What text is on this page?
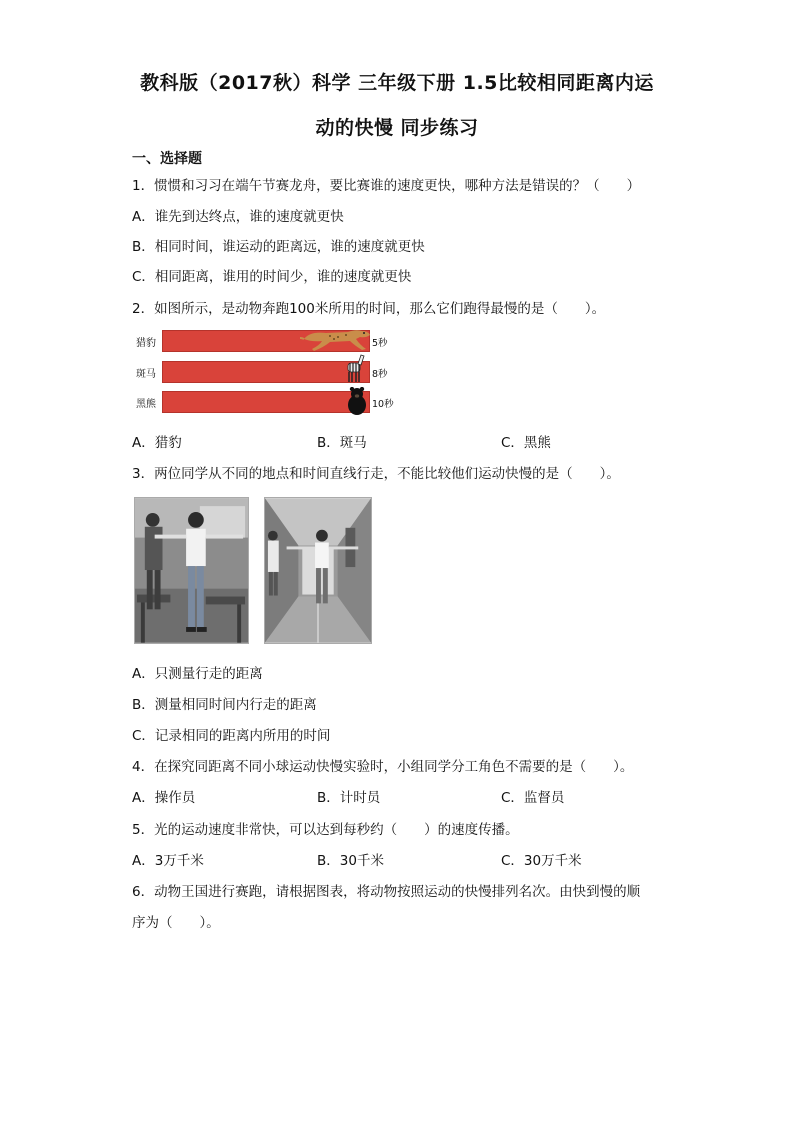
教科版（2017秋）科学 三年级下册 1.5比较相同距离内运
动的快慢 同步练习
一、选择题
1．惯惯和习习在端午节赛龙舟，要比赛谁的速度更快，哪种方法是错误的？（　　）
A．谁先到达终点，谁的速度就更快
B．相同时间，谁运动的距离远，谁的速度就更快
C．相同距离，谁用的时间少，谁的速度就更快
2．如图所示，是动物奔跑100米所用的时间，那么它们跑得最慢的是（　　）。
猎豹	5秒
斑马	8秒
黑熊	10秒
A．猎豹	B．斑马	C．黑熊
3．两位同学从不同的地点和时间直线行走，不能比较他们运动快慢的是（　　）。
A．只测量行走的距离
B．测量相同时间内行走的距离
C．记录相同的距离内所用的时间
4．在探究同距离不同小球运动快慢实验时，小组同学分工角色不需要的是（　　）。
A．操作员	B．计时员	C．监督员
5．光的运动速度非常快，可以达到每秒约（　　）的速度传播。
A．3万千米	B．30千米	C．30万千米
6．动物王国进行赛跑，请根据图表，将动物按照运动的快慢排列名次。由快到慢的顺
序为（　　）。
